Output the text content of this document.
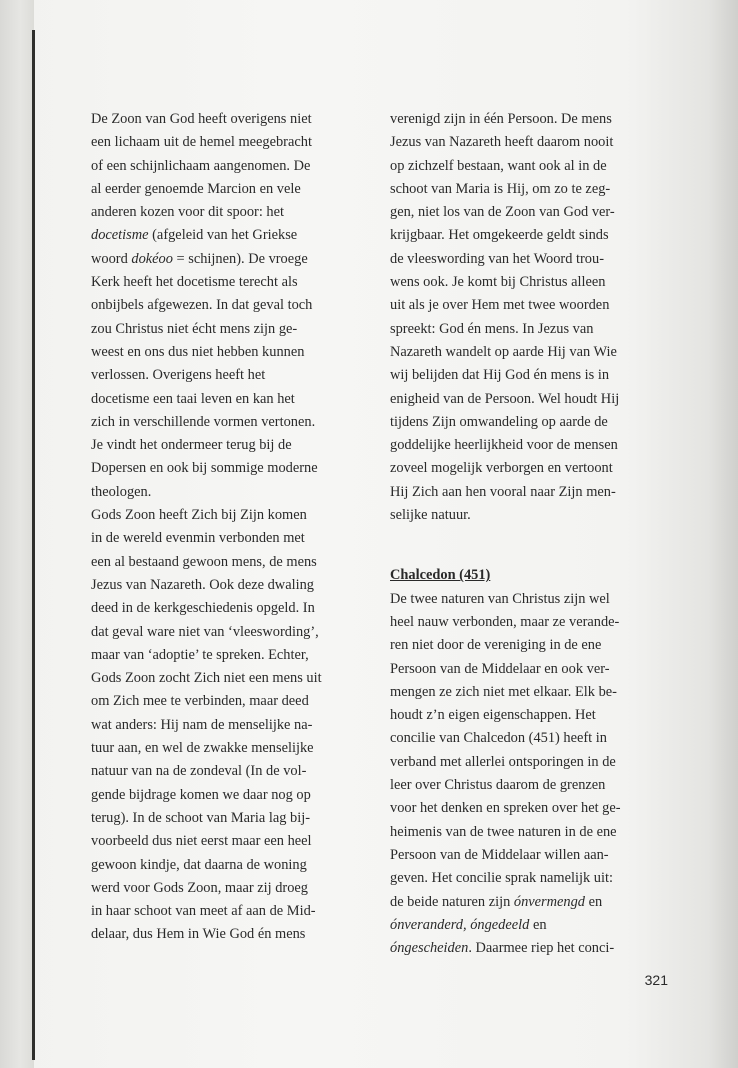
De Zoon van God heeft overigens niet
een lichaam uit de hemel meegebracht
of een schijnlichaam aangenomen. De
al eerder genoemde Marcion en vele
anderen kozen voor dit spoor: het
docetisme (afgeleid van het Griekse
woord dokéoo = schijnen). De vroege
Kerk heeft het docetisme terecht als
onbijbels afgewezen. In dat geval toch
zou Christus niet écht mens zijn ge-
weest en ons dus niet hebben kunnen
verlossen. Overigens heeft het
docetisme een taai leven en kan het
zich in verschillende vormen vertonen.
Je vindt het ondermeer terug bij de
Dopersen en ook bij sommige moderne
theologen.
Gods Zoon heeft Zich bij Zijn komen
in de wereld evenmin verbonden met
een al bestaand gewoon mens, de mens
Jezus van Nazareth. Ook deze dwaling
deed in de kerkgeschiedenis opgeld. In
dat geval ware niet van ‘vleeswording’,
maar van ‘adoptie’ te spreken. Echter,
Gods Zoon zocht Zich niet een mens uit
om Zich mee te verbinden, maar deed
wat anders: Hij nam de menselijke na-
tuur aan, en wel de zwakke menselijke
natuur van na de zondeval (In de vol-
gende bijdrage komen we daar nog op
terug). In de schoot van Maria lag bij-
voorbeeld dus niet eerst maar een heel
gewoon kindje, dat daarna de woning
werd voor Gods Zoon, maar zij droeg
in haar schoot van meet af aan de Mid-
delaar, dus Hem in Wie God én mens
verenigd zijn in één Persoon. De mens
Jezus van Nazareth heeft daarom nooit
op zichzelf bestaan, want ook al in de
schoot van Maria is Hij, om zo te zeg-
gen, niet los van de Zoon van God ver-
krijgbaar. Het omgekeerde geldt sinds
de vleeswording van het Woord trou-
wens ook. Je komt bij Christus alleen
uit als je over Hem met twee woorden
spreekt: God én mens. In Jezus van
Nazareth wandelt op aarde Hij van Wie
wij belijden dat Hij God én mens is in
enigheid van de Persoon. Wel houdt Hij
tijdens Zijn omwandeling op aarde de
goddelijke heerlijkheid voor de mensen
zoveel mogelijk verborgen en vertoont
Hij Zich aan hen vooral naar Zijn men-
selijke natuur.
Chalcedon (451)
De twee naturen van Christus zijn wel
heel nauw verbonden, maar ze verande-
ren niet door de vereniging in de ene
Persoon van de Middelaar en ook ver-
mengen ze zich niet met elkaar. Elk be-
houdt z’n eigen eigenschappen. Het
concilie van Chalcedon (451) heeft in
verband met allerlei ontsporingen in de
leer over Christus daarom de grenzen
voor het denken en spreken over het ge-
heimenis van de twee naturen in de ene
Persoon van de Middelaar willen aan-
geven. Het concilie sprak namelijk uit:
de beide naturen zijn ónvermengd en
ónveranderd, óngedeeld en
óngescheiden. Daarmee riep het conci-
321
